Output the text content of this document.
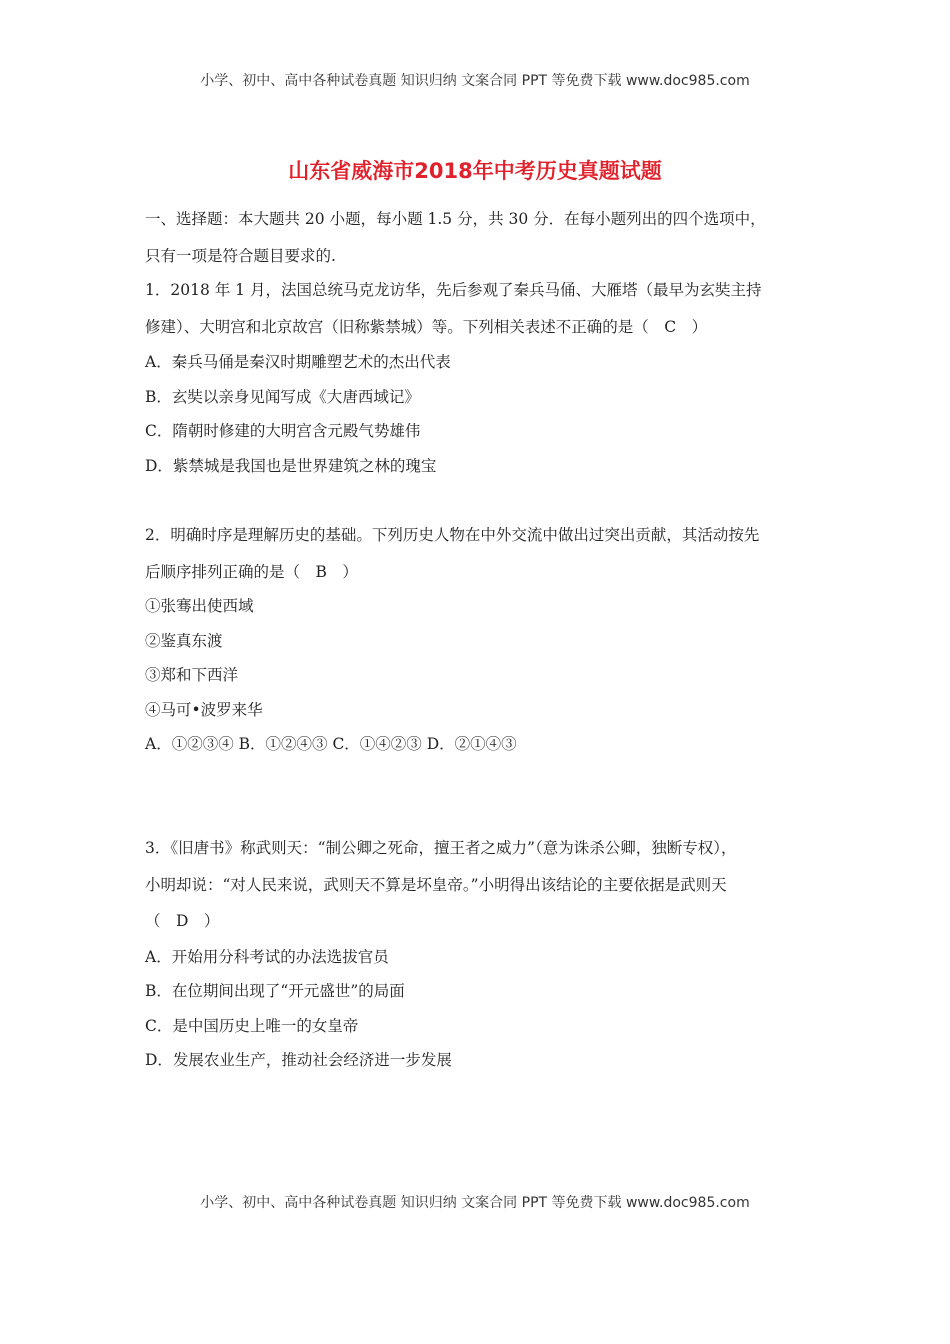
小学、初中、高中各种试卷真题 知识归纳 文案合同 PPT 等免费下载 www.doc985.com
山东省威海市2018年中考历史真题试题
一、选择题：本大题共 20 小题，每小题 1.5 分，共 30 分．在每小题列出的四个选项中，
只有一项是符合题目要求的.
1．2018 年 1 月，法国总统马克龙访华，先后参观了秦兵马俑、大雁塔（最早为玄奘主持
修建）、大明宫和北京故宫（旧称紫禁城）等。下列相关表述不正确的是（　C　）
A．秦兵马俑是秦汉时期雕塑艺术的杰出代表
B．玄奘以亲身见闻写成《大唐西域记》
C．隋朝时修建的大明宫含元殿气势雄伟
D．紫禁城是我国也是世界建筑之林的瑰宝
2．明确时序是理解历史的基础。下列历史人物在中外交流中做出过突出贡献，其活动按先
后顺序排列正确的是（　B　）
①张骞出使西域
②鉴真东渡
③郑和下西洋
④马可•波罗来华
A．①②③④ B．①②④③ C．①④②③ D．②①④③
3．《旧唐书》称武则天：“制公卿之死命，擅王者之威力”（意为诛杀公卿，独断专权），
小明却说：“对人民来说，武则天不算是坏皇帝。”小明得出该结论的主要依据是武则天
（　D　）
A．开始用分科考试的办法选拔官员
B．在位期间出现了“开元盛世”的局面
C．是中国历史上唯一的女皇帝
D．发展农业生产，推动社会经济进一步发展
小学、初中、高中各种试卷真题 知识归纳 文案合同 PPT 等免费下载 www.doc985.com
